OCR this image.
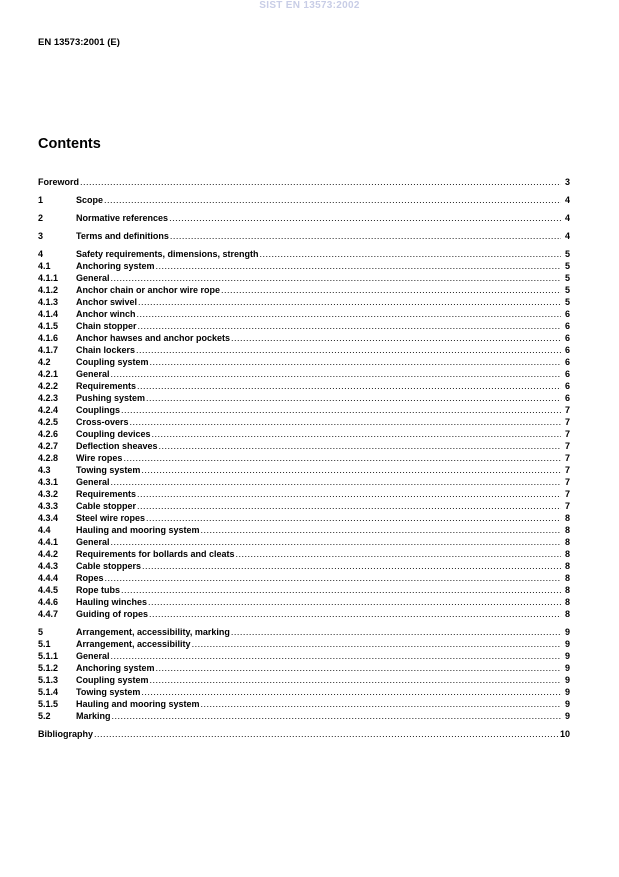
SIST EN 13573:2002
EN 13573:2001 (E)
Contents
Foreword .....	3
1	Scope .....	4
2	Normative references .....	4
3	Terms and definitions .....	4
4	Safety requirements, dimensions, strength .....	5
4.1	Anchoring system .....	5
4.1.1	General .....	5
4.1.2	Anchor chain or anchor wire rope .....	5
4.1.3	Anchor swivel .....	5
4.1.4	Anchor winch .....	6
4.1.5	Chain stopper .....	6
4.1.6	Anchor hawses and anchor pockets .....	6
4.1.7	Chain lockers .....	6
4.2	Coupling system .....	6
4.2.1	General .....	6
4.2.2	Requirements .....	6
4.2.3	Pushing system .....	6
4.2.4	Couplings .....	7
4.2.5	Cross-overs .....	7
4.2.6	Coupling devices .....	7
4.2.7	Deflection sheaves .....	7
4.2.8	Wire ropes .....	7
4.3	Towing system .....	7
4.3.1	General .....	7
4.3.2	Requirements .....	7
4.3.3	Cable stopper .....	7
4.3.4	Steel wire ropes .....	8
4.4	Hauling and mooring system .....	8
4.4.1	General .....	8
4.4.2	Requirements for bollards and cleats .....	8
4.4.3	Cable stoppers .....	8
4.4.4	Ropes .....	8
4.4.5	Rope tubs .....	8
4.4.6	Hauling winches .....	8
4.4.7	Guiding of ropes .....	8
5	Arrangement, accessibility, marking .....	9
5.1	Arrangement, accessibility .....	9
5.1.1	General .....	9
5.1.2	Anchoring system .....	9
5.1.3	Coupling system .....	9
5.1.4	Towing system .....	9
5.1.5	Hauling and mooring system .....	9
5.2	Marking .....	9
Bibliography .....	10
